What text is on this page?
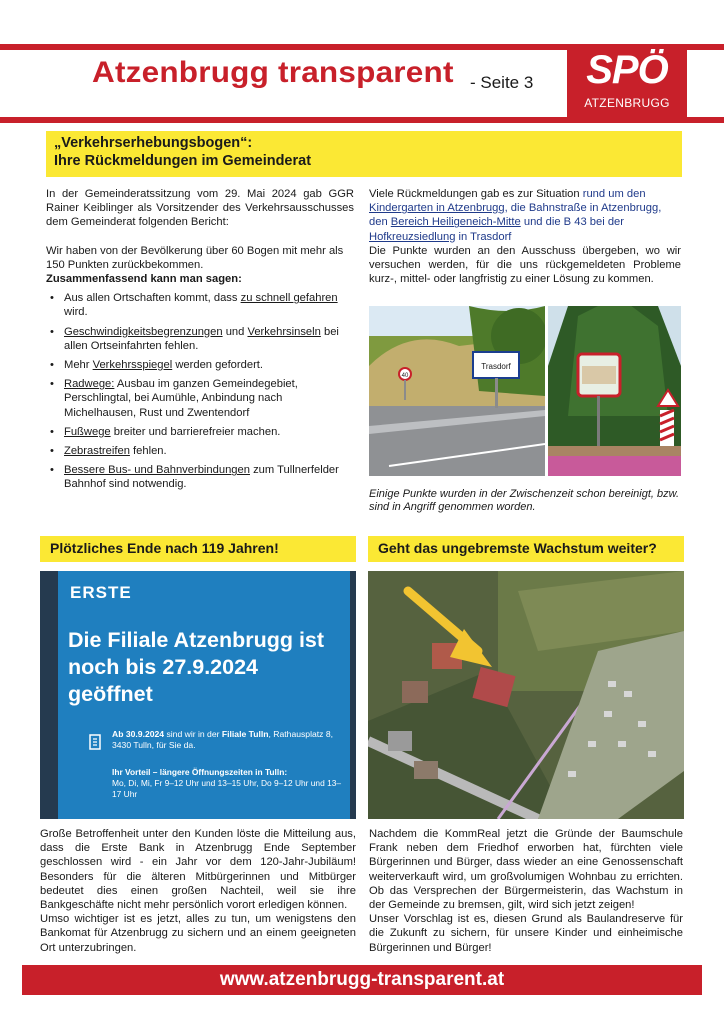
Atzenbrugg transparent - Seite 3	SPÖ
ATZENBRUGG
„Verkehrserhebungsbogen“:
Ihre Rückmeldungen im Gemeinderat

In der Gemeinderatssitzung vom 29. Mai 2024 gab GGR Rainer Keiblinger als Vorsitzender des Verkehrsausschusses dem Gemeinderat folgenden Bericht:

Wir haben von der Bevölkerung über 60 Bogen mit mehr als 150 Punkten zurückbekommen.

Zusammenfassend kann man sagen:

• Aus allen Ortschaften kommt, dass zu schnell gefahren wird.
• Geschwindigkeitsbegrenzungen und Verkehrsinseln bei allen Ortseinfahrten fehlen.
• Mehr Verkehrsspiegel werden gefordert.
• Radwege: Ausbau im ganzen Gemeindegebiet, Perschlingtal, bei Aumühle, Anbindung nach Michelhausen, Rust und Zwentendorf
• Fußwege breiter und barrierefreier machen.
• Zebrastreifen fehlen.
• Bessere Bus- und Bahnverbindungen zum Tullnerfelder Bahnhof sind notwendig.

Viele Rückmeldungen gab es zur Situation rund um den Kindergarten in Atzenbrugg, die Bahnstraße in Atzenbrugg, den Bereich Heiligeneich-Mitte und die B 43 bei der Hofkreuzsiedlung in Trasdorf

Die Punkte wurden an den Ausschuss übergeben, wo wir versuchen werden, für die uns rückgemeldeten Probleme kurz-, mittel- oder langfristig zu einer Lösung zu kommen.

Trasdorf
40
Einige Punkte wurden in der Zwischenzeit schon bereinigt, bzw. sind in Angriff genommen worden.
Plötzliches Ende nach 119 Jahren!
ERSTE
Die Filiale Atzenbrugg ist noch bis 27.9.2024 geöffnet
Ab 30.9.2024 sind wir in der Filiale Tulln, Rathausplatz 8, 3430 Tulln, für Sie da.
Ihr Vorteil – längere Öffnungszeiten in Tulln:
Mo, Di, Mi, Fr 9–12 Uhr und 13–15 Uhr, Do 9–12 Uhr und 13–17 Uhr

Große Betroffenheit unter den Kunden löste die Mitteilung aus, dass die Erste Bank in Atzenbrugg Ende September geschlossen wird - ein Jahr vor dem 120-Jahr-Jubiläum! Besonders für die älteren Mitbürgerinnen und Mitbürger bedeutet dies einen großen Nachteil, weil sie ihre Bankgeschäfte nicht mehr persönlich vorort erledigen können.

Umso wichtiger ist es jetzt, alles zu tun, um wenigstens den Bankomat für Atzenbrugg zu sichern und an einem geeigneten Ort unterzubringen.

Geht das ungebremste Wachstum weiter?

Nachdem die KommReal jetzt die Gründe der Baumschule Frank neben dem Friedhof erworben hat, fürchten viele Bürgerinnen und Bürger, dass wieder an eine Genossenschaft weiterverkauft wird, um großvolumigen Wohnbau zu errichten. Ob das Versprechen der Bürgermeisterin, das Wachstum in der Gemeinde zu bremsen, gilt, wird sich jetzt zeigen!

Unser Vorschlag ist es, diesen Grund als Baulandreserve für die Zukunft zu sichern, für unsere Kinder und einheimische Bürgerinnen und Bürger!

www.atzenbrugg-transparent.at
